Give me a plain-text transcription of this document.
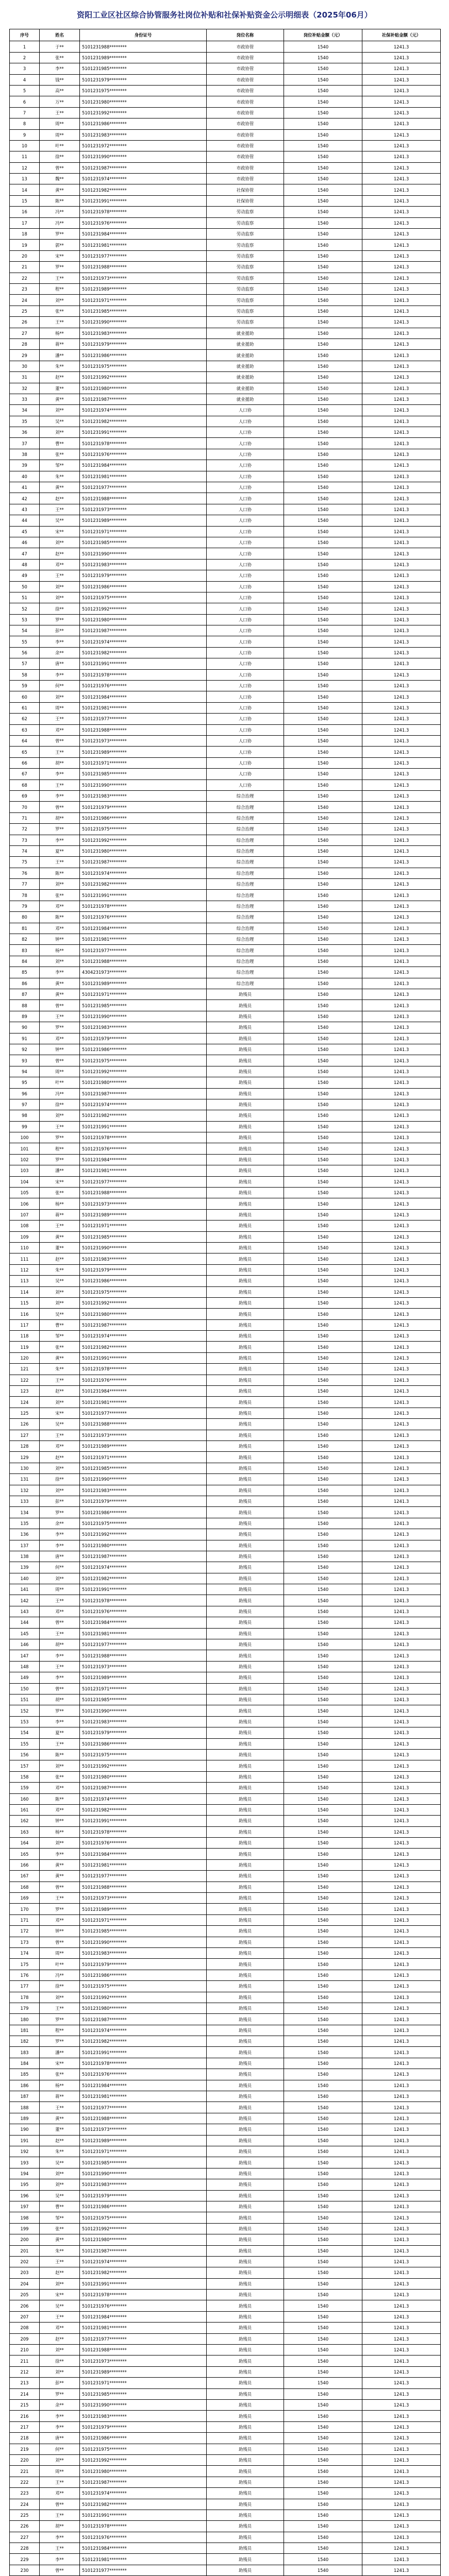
资阳工业区社区综合协管服务社岗位补贴和社保补贴资金公示明细表（2025年06月）
序号	姓名	身份证号	岗位名称	岗位补贴金额（元）	社保补贴金额（元）
1	于**	5101231988********	市政协管	1540	1241.3
2	张**	5101231989********	市政协管	1540	1241.3
3	李**	5101231985********	市政协管	1540	1241.3
4	钱**	5101231979********	市政协管	1540	1241.3
5	高**	5101231975********	市政协管	1540	1241.3
6	万**	5101231980********	市政协管	1540	1241.3
7	王**	5101231992********	市政协管	1540	1241.3
8	周**	5101231986********	市政协管	1540	1241.3
9	周**	5101231983********	市政协管	1540	1241.3
10	叶**	5101231972********	市政协管	1540	1241.3
11	徐**	5101231990********	市政协管	1540	1241.3
12	曾**	5101231987********	市政协管	1540	1241.3
13	魏**	5101231974********	市政协管	1540	1241.3
14	黄**	5101231982********	社保协管	1540	1241.3
15	陈**	5101231991********	社保协管	1540	1241.3
16	冯**	5101231978********	劳动监察	1540	1241.3
17	冯**	5101231976********	劳动监察	1540	1241.3
18	罗**	5101231984********	劳动监察	1540	1241.3
19	郭**	5101231981********	劳动监察	1540	1241.3
20	宋**	5101231977********	劳动监察	1540	1241.3
21	罗**	5101231988********	劳动监察	1540	1241.3
22	王**	5101231973********	劳动监察	1540	1241.3
23	程**	5101231989********	劳动监察	1540	1241.3
24	刘**	5101231971********	劳动监察	1540	1241.3
25	张**	5101231985********	劳动监察	1540	1241.3
26	王**	5101231990********	劳动监察	1540	1241.3
27	杨**	5101231983********	就业援助	1540	1241.3
28	蒋**	5101231979********	就业援助	1540	1241.3
29	潘**	5101231986********	就业援助	1540	1241.3
30	朱**	5101231975********	就业援助	1540	1241.3
31	赵**	5101231992********	就业援助	1540	1241.3
32	董**	5101231980********	就业援助	1540	1241.3
33	黄**	5101231987********	就业援助	1540	1241.3
34	刘**	5101231974********	人口协	1540	1241.3
35	吴**	5101231982********	人口协	1540	1241.3
36	刘**	5101231991********	人口协	1540	1241.3
37	曹**	5101231978********	人口协	1540	1241.3
38	张**	5101231976********	人口协	1540	1241.3
39	邹**	5101231984********	人口协	1540	1241.3
40	朱**	5101231981********	人口协	1540	1241.3
41	黄**	5101231977********	人口协	1540	1241.3
42	赵**	5101231988********	人口协	1540	1241.3
43	王**	5101231973********	人口协	1540	1241.3
44	吴**	5101231989********	人口协	1540	1241.3
45	宋**	5101231971********	人口协	1540	1241.3
46	刘**	5101231985********	人口协	1540	1241.3
47	赵**	5101231990********	人口协	1540	1241.3
48	邓**	5101231983********	人口协	1540	1241.3
49	王**	5101231979********	人口协	1540	1241.3
50	刘**	5101231986********	人口协	1540	1241.3
51	刘**	5101231975********	人口协	1540	1241.3
52	徐**	5101231992********	人口协	1540	1241.3
53	罗**	5101231980********	人口协	1540	1241.3
54	彭**	5101231987********	人口协	1540	1241.3
55	李**	5101231974********	人口协	1540	1241.3
56	余**	5101231982********	人口协	1540	1241.3
57	唐**	5101231991********	人口协	1540	1241.3
58	李**	5101231978********	人口协	1540	1241.3
59	何**	5101231976********	人口协	1540	1241.3
60	刘**	5101231984********	人口协	1540	1241.3
61	周**	5101231981********	人口协	1540	1241.3
62	王**	5101231977********	人口协	1540	1241.3
63	邓**	5101231988********	人口协	1540	1241.3
64	曾**	5101231973********	人口协	1540	1241.3
65	王**	5101231989********	人口协	1540	1241.3
66	胡**	5101231971********	人口协	1540	1241.3
67	李**	5101231985********	人口协	1540	1241.3
68	王**	5101231990********	人口协	1540	1241.3
69	李**	5101231983********	综合治理	1540	1241.3
70	曾**	5101231979********	综合治理	1540	1241.3
71	胡**	5101231986********	综合治理	1540	1241.3
72	罗**	5101231975********	综合治理	1540	1241.3
73	李**	5101231992********	综合治理	1540	1241.3
74	夏**	5101231980********	综合治理	1540	1241.3
75	王**	5101231987********	综合治理	1540	1241.3
76	陈**	5101231974********	综合治理	1540	1241.3
77	刘**	5101231982********	综合治理	1540	1241.3
78	张**	5101231991********	综合治理	1540	1241.3
79	邓**	5101231978********	综合治理	1540	1241.3
80	陈**	5101231976********	综合治理	1540	1241.3
81	邓**	5101231984********	综合治理	1540	1241.3
82	钟**	5101231981********	综合治理	1540	1241.3
83	杨**	5101231977********	综合治理	1540	1241.3
84	刘**	5101231988********	综合治理	1540	1241.3
85	李**	4304231973********	综合治理	1540	1241.3
86	黄**	5101231989********	综合治理	1540	1241.3
87	黄**	5101231971********	助残员	1540	1241.3
88	曾**	5101231985********	助残员	1540	1241.3
89	王**	5101231990********	助残员	1540	1241.3
90	罗**	5101231983********	助残员	1540	1241.3
91	邓**	5101231979********	助残员	1540	1241.3
92	钟**	5101231986********	助残员	1540	1241.3
93	曾**	5101231975********	助残员	1540	1241.3
94	周**	5101231992********	助残员	1540	1241.3
95	叶**	5101231980********	助残员	1540	1241.3
96	冯**	5101231987********	助残员	1540	1241.3
97	徐**	5101231974********	助残员	1540	1241.3
98	刘**	5101231982********	助残员	1540	1241.3
99	王**	5101231991********	助残员	1540	1241.3
100	罗**	5101231978********	助残员	1540	1241.3
101	程**	5101231976********	助残员	1540	1241.3
102	罗**	5101231984********	助残员	1540	1241.3
103	潘**	5101231981********	助残员	1540	1241.3
104	宋**	5101231977********	助残员	1540	1241.3
105	张**	5101231988********	助残员	1540	1241.3
106	杨**	5101231973********	助残员	1540	1241.3
107	蒋**	5101231989********	助残员	1540	1241.3
108	王**	5101231971********	助残员	1540	1241.3
109	黄**	5101231985********	助残员	1540	1241.3
110	董**	5101231990********	助残员	1540	1241.3
111	赵**	5101231983********	助残员	1540	1241.3
112	朱**	5101231979********	助残员	1540	1241.3
113	吴**	5101231986********	助残员	1540	1241.3
114	刘**	5101231975********	助残员	1540	1241.3
115	刘**	5101231992********	助残员	1540	1241.3
116	吴**	5101231980********	助残员	1540	1241.3
117	曹**	5101231987********	助残员	1540	1241.3
118	邹**	5101231974********	助残员	1540	1241.3
119	张**	5101231982********	助残员	1540	1241.3
120	黄**	5101231991********	助残员	1540	1241.3
121	朱**	5101231978********	助残员	1540	1241.3
122	王**	5101231976********	助残员	1540	1241.3
123	赵**	5101231984********	助残员	1540	1241.3
124	刘**	5101231981********	助残员	1540	1241.3
125	宋**	5101231977********	助残员	1540	1241.3
126	吴**	5101231988********	助残员	1540	1241.3
127	王**	5101231973********	助残员	1540	1241.3
128	邓**	5101231989********	助残员	1540	1241.3
129	赵**	5101231971********	助残员	1540	1241.3
130	刘**	5101231985********	助残员	1540	1241.3
131	徐**	5101231990********	助残员	1540	1241.3
132	刘**	5101231983********	助残员	1540	1241.3
133	彭**	5101231979********	助残员	1540	1241.3
134	罗**	5101231986********	助残员	1540	1241.3
135	余**	5101231975********	助残员	1540	1241.3
136	李**	5101231992********	助残员	1540	1241.3
137	李**	5101231980********	助残员	1540	1241.3
138	唐**	5101231987********	助残员	1540	1241.3
139	何**	5101231974********	助残员	1540	1241.3
140	刘**	5101231982********	助残员	1540	1241.3
141	周**	5101231991********	助残员	1540	1241.3
142	王**	5101231978********	助残员	1540	1241.3
143	邓**	5101231976********	助残员	1540	1241.3
144	曾**	5101231984********	助残员	1540	1241.3
145	王**	5101231981********	助残员	1540	1241.3
146	胡**	5101231977********	助残员	1540	1241.3
147	李**	5101231988********	助残员	1540	1241.3
148	王**	5101231973********	助残员	1540	1241.3
149	李**	5101231989********	助残员	1540	1241.3
150	曾**	5101231971********	助残员	1540	1241.3
151	胡**	5101231985********	助残员	1540	1241.3
152	罗**	5101231990********	助残员	1540	1241.3
153	李**	5101231983********	助残员	1540	1241.3
154	夏**	5101231979********	助残员	1540	1241.3
155	王**	5101231986********	助残员	1540	1241.3
156	陈**	5101231975********	助残员	1540	1241.3
157	刘**	5101231992********	助残员	1540	1241.3
158	张**	5101231980********	助残员	1540	1241.3
159	邓**	5101231987********	助残员	1540	1241.3
160	陈**	5101231974********	助残员	1540	1241.3
161	邓**	5101231982********	助残员	1540	1241.3
162	钟**	5101231991********	助残员	1540	1241.3
163	杨**	5101231978********	助残员	1540	1241.3
164	刘**	5101231976********	助残员	1540	1241.3
165	李**	5101231984********	助残员	1540	1241.3
166	黄**	5101231981********	助残员	1540	1241.3
167	黄**	5101231977********	助残员	1540	1241.3
168	曾**	5101231988********	助残员	1540	1241.3
169	王**	5101231973********	助残员	1540	1241.3
170	罗**	5101231989********	助残员	1540	1241.3
171	邓**	5101231971********	助残员	1540	1241.3
172	钟**	5101231985********	助残员	1540	1241.3
173	曾**	5101231990********	助残员	1540	1241.3
174	周**	5101231983********	助残员	1540	1241.3
175	叶**	5101231979********	助残员	1540	1241.3
176	冯**	5101231986********	助残员	1540	1241.3
177	徐**	5101231975********	助残员	1540	1241.3
178	刘**	5101231992********	助残员	1540	1241.3
179	王**	5101231980********	助残员	1540	1241.3
180	罗**	5101231987********	助残员	1540	1241.3
181	程**	5101231974********	助残员	1540	1241.3
182	罗**	5101231982********	助残员	1540	1241.3
183	潘**	5101231991********	助残员	1540	1241.3
184	宋**	5101231978********	助残员	1540	1241.3
185	张**	5101231976********	助残员	1540	1241.3
186	杨**	5101231984********	助残员	1540	1241.3
187	蒋**	5101231981********	助残员	1540	1241.3
188	王**	5101231977********	助残员	1540	1241.3
189	黄**	5101231988********	助残员	1540	1241.3
190	董**	5101231973********	助残员	1540	1241.3
191	赵**	5101231989********	助残员	1540	1241.3
192	朱**	5101231971********	助残员	1540	1241.3
193	吴**	5101231985********	助残员	1540	1241.3
194	刘**	5101231990********	助残员	1540	1241.3
195	刘**	5101231983********	助残员	1540	1241.3
196	吴**	5101231979********	助残员	1540	1241.3
197	曹**	5101231986********	助残员	1540	1241.3
198	邹**	5101231975********	助残员	1540	1241.3
199	张**	5101231992********	助残员	1540	1241.3
200	黄**	5101231980********	助残员	1540	1241.3
201	朱**	5101231987********	助残员	1540	1241.3
202	王**	5101231974********	助残员	1540	1241.3
203	赵**	5101231982********	助残员	1540	1241.3
204	刘**	5101231991********	助残员	1540	1241.3
205	宋**	5101231978********	助残员	1540	1241.3
206	吴**	5101231976********	助残员	1540	1241.3
207	王**	5101231984********	助残员	1540	1241.3
208	邓**	5101231981********	助残员	1540	1241.3
209	赵**	5101231977********	助残员	1540	1241.3
210	刘**	5101231988********	助残员	1540	1241.3
211	徐**	5101231973********	助残员	1540	1241.3
212	刘**	5101231989********	助残员	1540	1241.3
213	彭**	5101231971********	助残员	1540	1241.3
214	罗**	5101231985********	助残员	1540	1241.3
215	余**	5101231990********	助残员	1540	1241.3
216	李**	5101231983********	助残员	1540	1241.3
217	李**	5101231979********	助残员	1540	1241.3
218	唐**	5101231986********	助残员	1540	1241.3
219	何**	5101231975********	助残员	1540	1241.3
220	刘**	5101231992********	助残员	1540	1241.3
221	周**	5101231980********	助残员	1540	1241.3
222	王**	5101231987********	助残员	1540	1241.3
223	邓**	5101231974********	助残员	1540	1241.3
224	曾**	5101231982********	助残员	1540	1241.3
225	王**	5101231991********	助残员	1540	1241.3
226	胡**	5101231978********	助残员	1540	1241.3
227	李**	5101231976********	助残员	1540	1241.3
228	王**	5101231984********	助残员	1540	1241.3
229	李**	5101231981********	助残员	1540	1241.3
230	曾**	5101231977********	助残员	1540	1241.3
